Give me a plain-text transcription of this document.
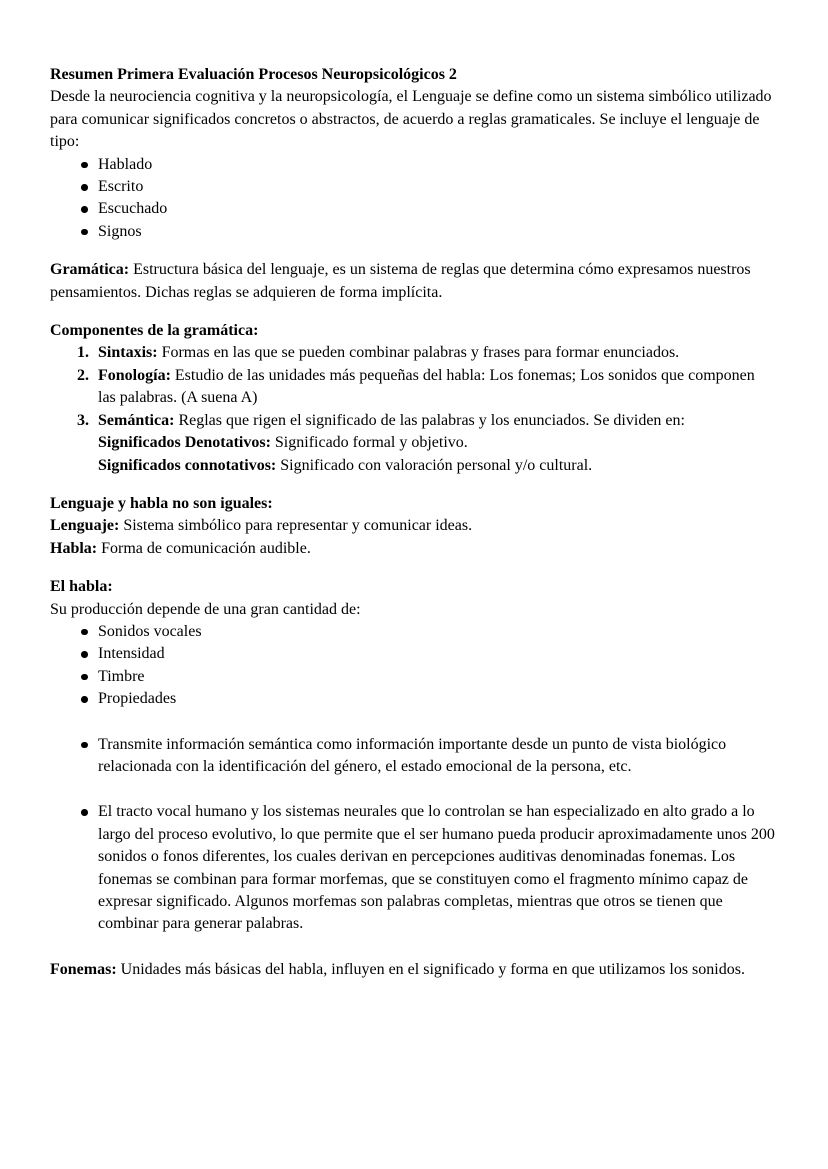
Resumen Primera Evaluación Procesos Neuropsicológicos 2

Desde la neurociencia cognitiva y la neuropsicología, el Lenguaje se define como un sistema simbólico utilizado para comunicar significados concretos o abstractos, de acuerdo a reglas gramaticales. Se incluye el lenguaje de tipo:

Hablado
Escrito
Escuchado
Signos

Gramática: Estructura básica del lenguaje, es un sistema de reglas que determina cómo expresamos nuestros pensamientos. Dichas reglas se adquieren de forma implícita.

Componentes de la gramática:

1. Sintaxis: Formas en las que se pueden combinar palabras y frases para formar enunciados.
2. Fonología: Estudio de las unidades más pequeñas del habla: Los fonemas; Los sonidos que componen las palabras. (A suena A)
3. Semántica: Reglas que rigen el significado de las palabras y los enunciados. Se dividen en:
Significados Denotativos: Significado formal y objetivo.
Significados connotativos: Significado con valoración personal y/o cultural.

Lenguaje y habla no son iguales:

Lenguaje: Sistema simbólico para representar y comunicar ideas.

Habla: Forma de comunicación audible.

El habla:

Su producción depende de una gran cantidad de:

Sonidos vocales
Intensidad
Timbre
Propiedades

Transmite información semántica como información importante desde un punto de vista biológico relacionada con la identificación del género, el estado emocional de la persona, etc.

El tracto vocal humano y los sistemas neurales que lo controlan se han especializado en alto grado a lo largo del proceso evolutivo, lo que permite que el ser humano pueda producir aproximadamente unos 200 sonidos o fonos diferentes, los cuales derivan en percepciones auditivas denominadas fonemas. Los fonemas se combinan para formar morfemas, que se constituyen como el fragmento mínimo capaz de expresar significado. Algunos morfemas son palabras completas, mientras que otros se tienen que combinar para generar palabras.

Fonemas: Unidades más básicas del habla, influyen en el significado y forma en que utilizamos los sonidos.
